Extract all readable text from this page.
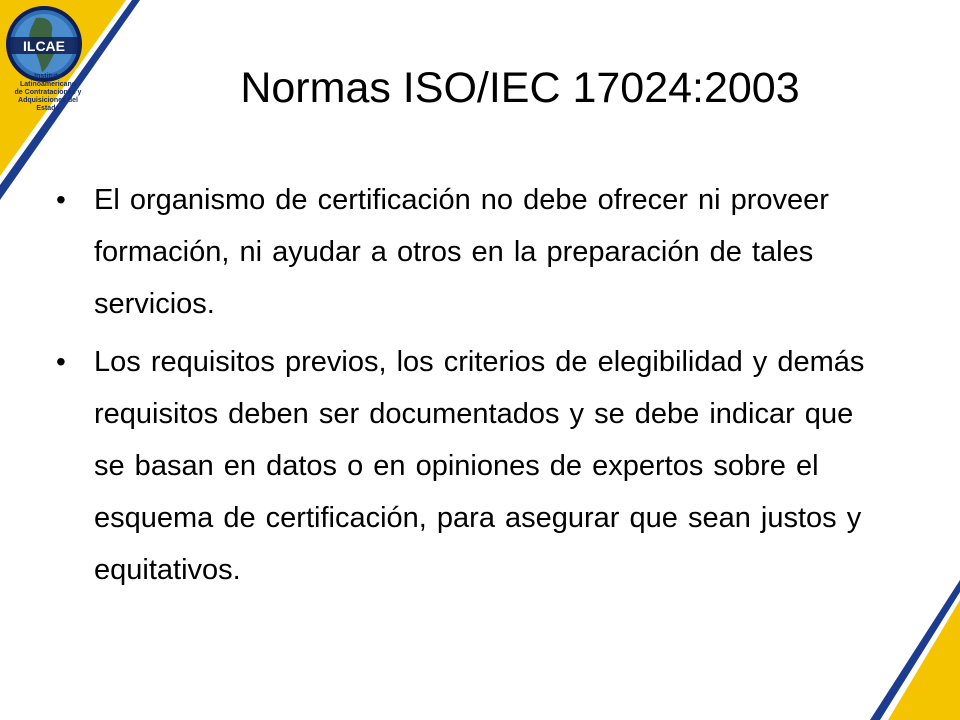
ILCAE
Instituto Latinoamericano
de Contrataciones y
Adquisiciones del Estado	Normas ISO/IEC 17024:2003
• El organismo de certificación no debe ofrecer ni proveer formación, ni ayudar a otros en la preparación de tales servicios.
• Los requisitos previos, los criterios de elegibilidad y demás requisitos deben ser documentados y se debe indicar que se basan en datos o en opiniones de expertos sobre el esquema de certificación, para asegurar que sean justos y equitativos.
